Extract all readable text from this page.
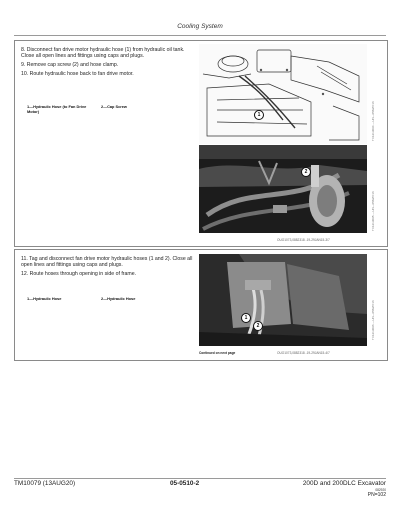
Cooling System

8. Disconnect fan drive motor hydraulic hose (1) from hydraulic oil tank. Close all open lines and fittings using caps and plugs.

9. Remove cap screw (2) and hose clamp.

10. Route hydraulic hose back to fan drive motor.

1—Hydraulic Hose (to Fan Drive Motor)
2—Cap Screw
1	TX1213094 —UN—05MAY16
2
TX1213095 —UN—05MAY16
OUO1073,0882318 -19-29JAN15-3/7

11. Tag and disconnect fan drive motor hydraulic hoses (1 and 2). Close all open lines and fittings using caps and plugs.

12. Route hoses through opening in side of frame.

1—Hydraulic Hose	2—Hydraulic Hose
1
2	TX1213096 —UN—05MAY16
Continued on next page	OUO1073,0882318 -19-29JAN15-4/7
TM10079 (13AUG20)	05-0510-2	200D and 200DLC Excavator
082920
PN=102
